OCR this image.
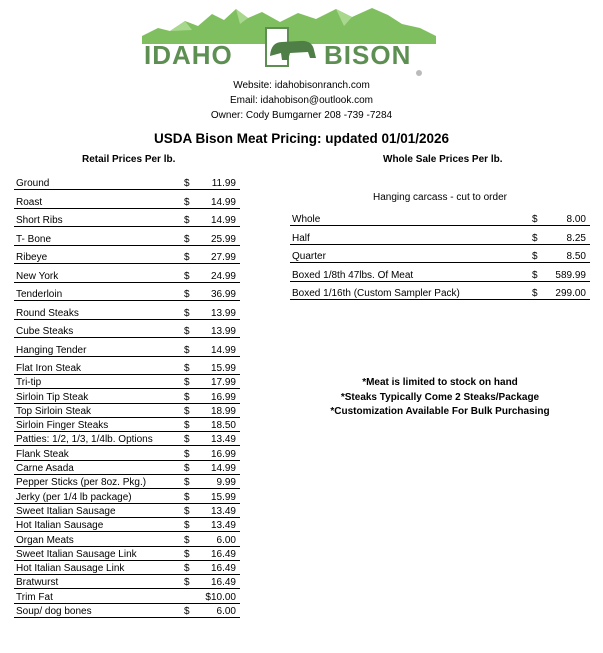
IDAHO	BISON
Website: idahobisonranch.com
Email: idahobison@outlook.com
Owner: Cody Bumgarner 208 -739 -7284
USDA Bison Meat Pricing: updated 01/01/2026
Retail Prices Per lb.	Whole Sale Prices Per lb.
Ground	$	11.99
Roast	$	14.99
Short Ribs	$	14.99
T- Bone	$	25.99
Ribeye	$	27.99
New York	$	24.99
Tenderloin	$	36.99
Round Steaks	$	13.99
Cube Steaks	$	13.99
Hanging Tender	$	14.99
Flat Iron Steak	$	15.99
Tri-tip	$	17.99
Sirloin Tip Steak	$	16.99
Top Sirloin Steak	$	18.99
Sirloin Finger Steaks	$	18.50
Patties: 1/2, 1/3, 1/4lb. Options	$	13.49
Flank Steak	$	16.99
Carne Asada	$	14.99
Pepper Sticks (per 8oz. Pkg.)	$	9.99
Jerky (per 1/4 lb package)	$	15.99
Sweet Italian Sausage	$	13.49
Hot Italian Sausage	$	13.49
Organ Meats	$	6.00
Sweet Italian Sausage Link	$	16.49
Hot Italian Sausage Link	$	16.49
Bratwurst	$	16.49
Trim Fat		$10.00
Soup/ dog bones	$	6.00
Hanging carcass - cut to order
Whole	$	8.00
Half	$	8.25
Quarter	$	8.50
Boxed 1/8th 47lbs. Of Meat	$	589.99
Boxed 1/16th (Custom Sampler Pack)	$	299.00
*Meat is limited to stock on hand
*Steaks Typically Come 2 Steaks/Package
*Customization Available For Bulk Purchasing
